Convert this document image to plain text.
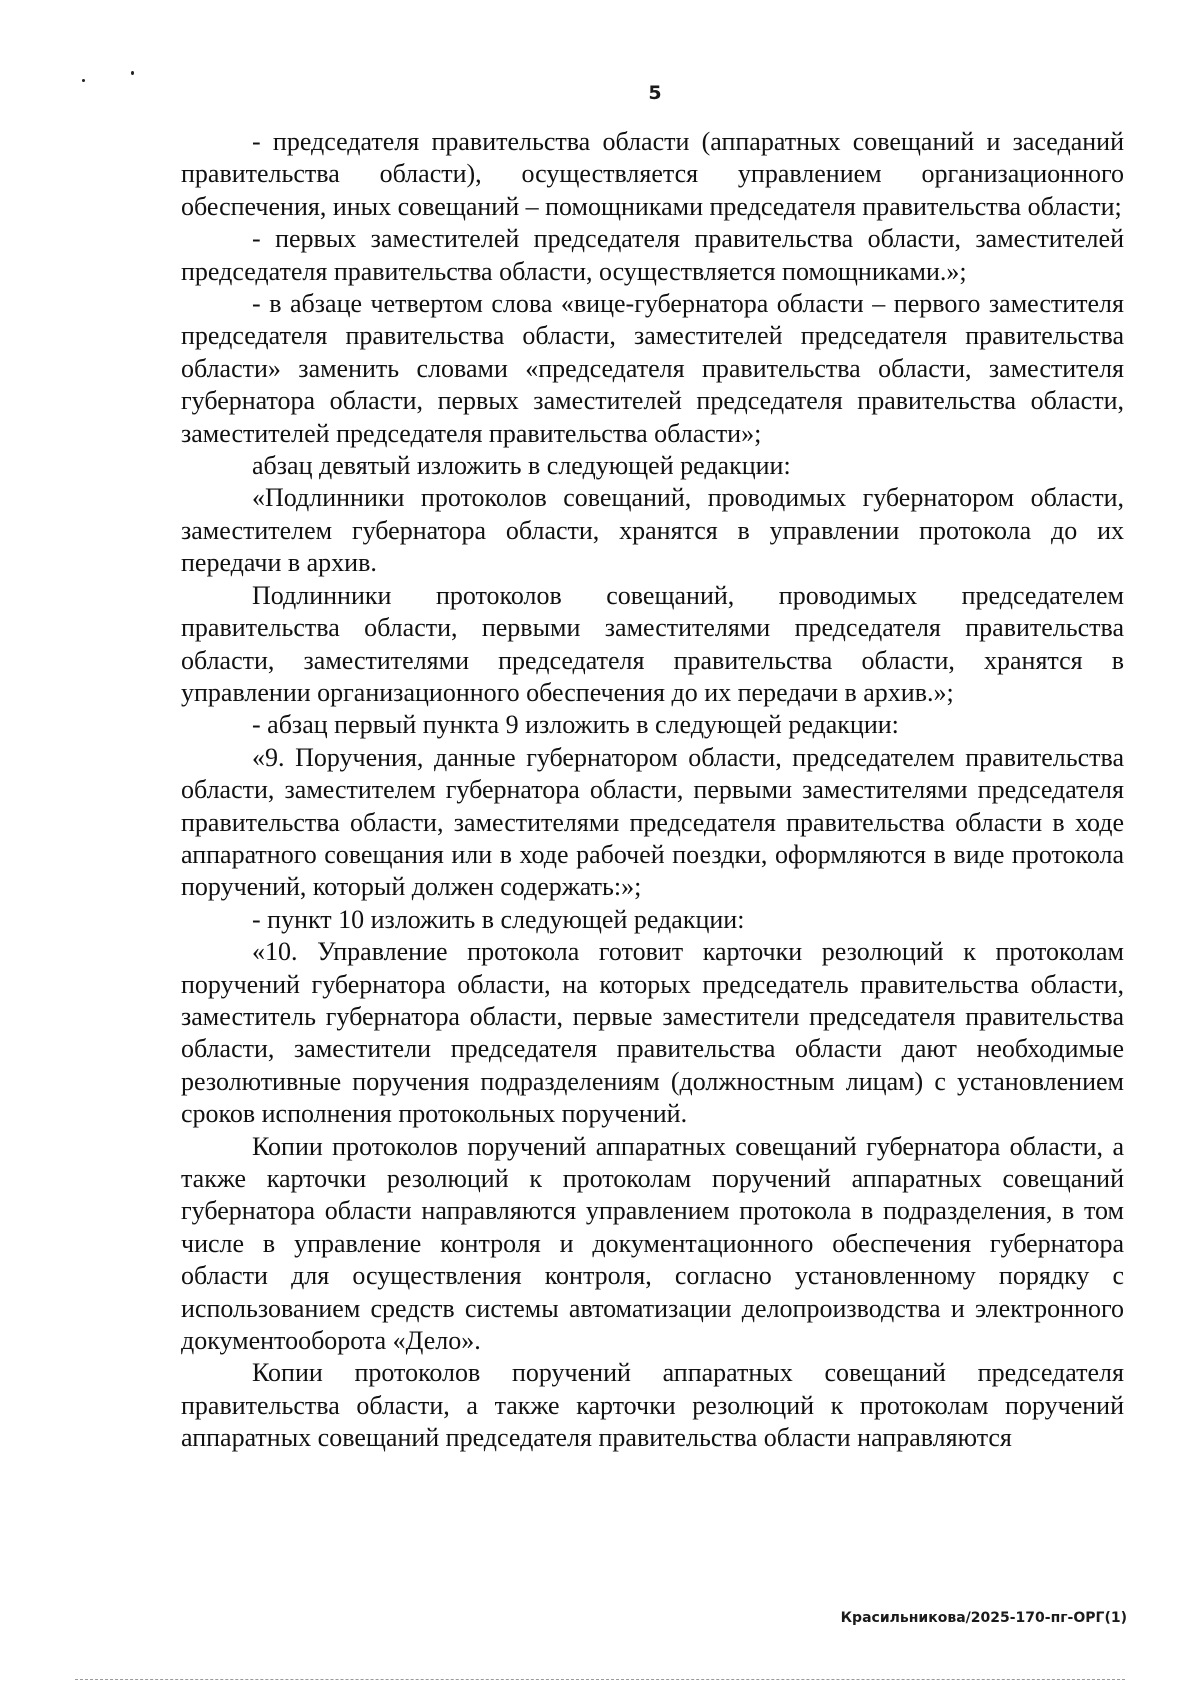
5

- председателя правительства области (аппаратных совещаний и заседаний правительства области), осуществляется управлением организационного обеспечения, иных совещаний – помощниками председателя правительства области;

- первых заместителей председателя правительства области, заместителей председателя правительства области, осуществляется помощниками.»;

- в абзаце четвертом слова «вице-губернатора области – первого заместителя председателя правительства области, заместителей председателя правительства области» заменить словами «председателя правительства области, заместителя губернатора области, первых заместителей председателя правительства области, заместителей председателя правительства области»;

абзац девятый изложить в следующей редакции:

«Подлинники протоколов совещаний, проводимых губернатором области, заместителем губернатора области, хранятся в управлении протокола до их передачи в архив.

Подлинники протоколов совещаний, проводимых председателем правительства области, первыми заместителями председателя правительства области, заместителями председателя правительства области, хранятся в управлении организационного обеспечения до их передачи в архив.»;

- абзац первый пункта 9 изложить в следующей редакции:

«9. Поручения, данные губернатором области, председателем правительства области, заместителем губернатора области, первыми заместителями председателя правительства области, заместителями председателя правительства области в ходе аппаратного совещания или в ходе рабочей поездки, оформляются в виде протокола поручений, который должен содержать:»;

- пункт 10 изложить в следующей редакции:

«10. Управление протокола готовит карточки резолюций к протоколам поручений губернатора области, на которых председатель правительства области, заместитель губернатора области, первые заместители председателя правительства области, заместители председателя правительства области дают необходимые резолютивные поручения подразделениям (должностным лицам) с установлением сроков исполнения протокольных поручений.

Копии протоколов поручений аппаратных совещаний губернатора области, а также карточки резолюций к протоколам поручений аппаратных совещаний губернатора области направляются управлением протокола в подразделения, в том числе в управление контроля и документационного обеспечения губернатора области для осуществления контроля, согласно установленному порядку с использованием средств системы автоматизации делопроизводства и электронного документооборота «Дело».

Копии протоколов поручений аппаратных совещаний председателя правительства области, а также карточки резолюций к протоколам поручений аппаратных совещаний председателя правительства области направляются

Красильникова/2025-170-пг-ОРГ(1)
